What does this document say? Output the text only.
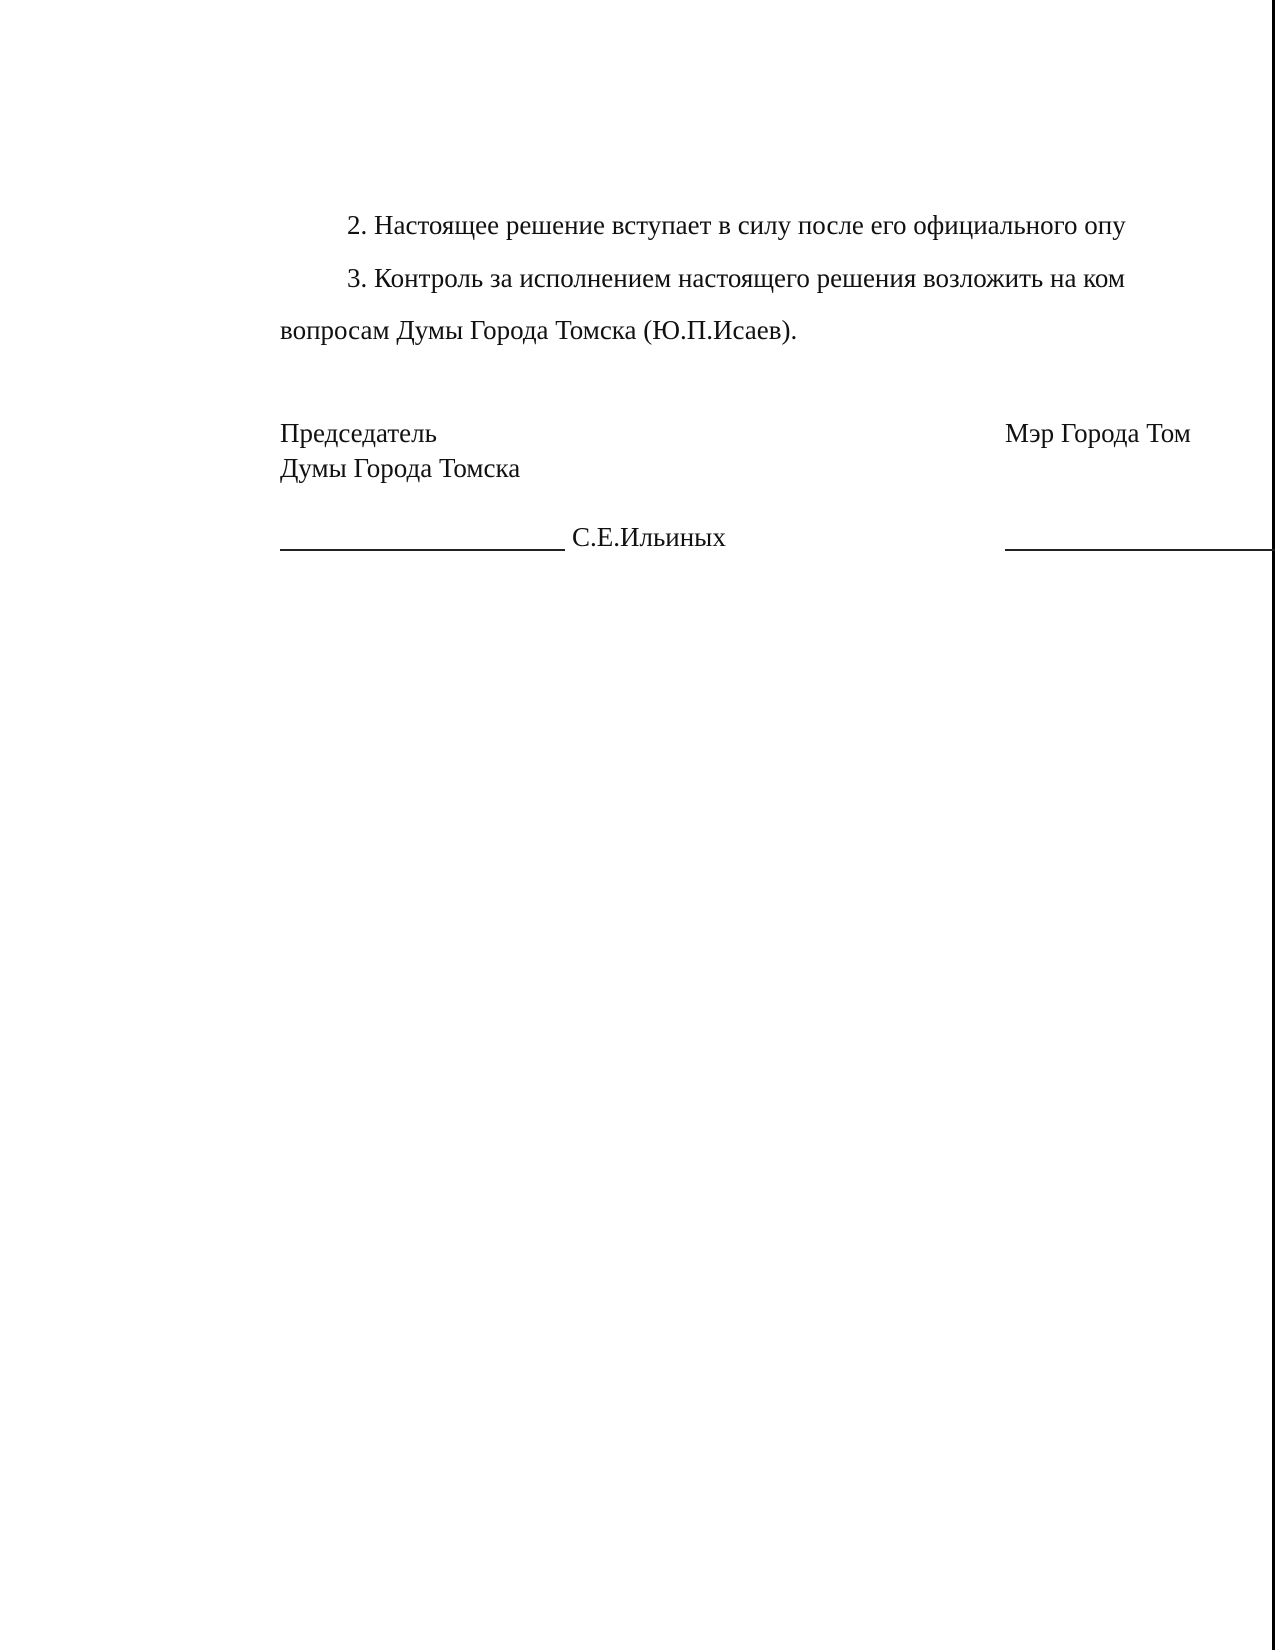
2. Настоящее решение вступает в силу после его официального опу
3. Контроль за исполнением настоящего решения возложить на ком
вопросам Думы Города Томска (Ю.П.Исаев).
Председатель
Думы Города Томска
Мэр Города Том
С.Е.Ильиных
